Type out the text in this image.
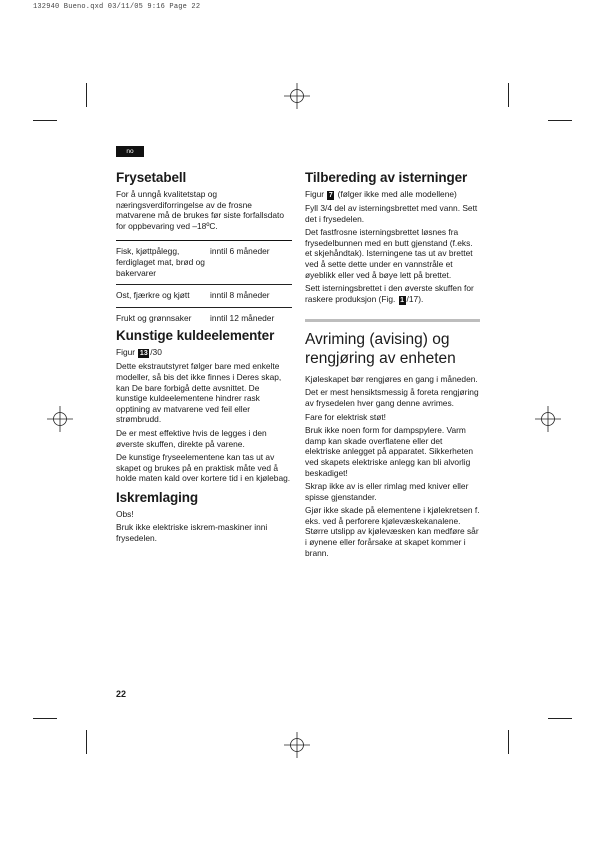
132940 Bueno.qxd 03/11/05 9:16 Page 22
no
Frysetabell

For å unngå kvalitetstap og næringsverdiforringelse av de frosne matvarene må de brukes før siste forfallsdato for oppbevaring ved –18ºC.

Fisk, kjøttpålegg, ferdiglaget mat, brød og bakervarer	inntil 6 måneder
Ost, fjærkre og kjøtt	inntil 8 måneder
Frukt og grønnsaker	inntil 12 måneder
Kunstige kuldeelementer

Figur 13 /30

Dette ekstrautstyret følger bare med enkelte modeller, så bis det ikke finnes i Deres skap, kan De bare forbigå dette avsnittet. De kunstige kuldeelementene hindrer rask opptining av matvarene ved feil eller strømbrudd.

De er mest effektive hvis de legges i den øverste skuffen, direkte på varene.

De kunstige fryseelementene kan tas ut av skapet og brukes på en praktisk måte ved å holde maten kald over kortere tid i en kjølebag.

Iskremlaging

Obs!

Bruk ikke elektriske iskrem-maskiner inni frysedelen.

Tilbereding av isterninger

Figur 7 (følger ikke med alle modellene)

Fyll 3/4 del av isterningsbrettet med vann. Sett det i frysedelen.

Det fastfrosne isterningsbrettet løsnes fra frysedelbunnen med en butt gjenstand (f.eks. et skjehåndtak). Isterningene tas ut av brettet ved å sette dette under en vannstråle et øyeblikk eller ved å bøye lett på brettet.

Sett isterningsbrettet i den øverste skuffen for raskere produksjon (Fig. 1 /17).

Avriming (avising) og rengjøring av enheten

Kjøleskapet bør rengjøres en gang i måneden.

Det er mest hensiktsmessig å foreta rengjøring av frysedelen hver gang denne avrimes.

Fare for elektrisk støt!

Bruk ikke noen form for dampspylere. Varm damp kan skade overflatene eller det elektriske anlegget på apparatet. Sikkerheten ved skapets elektriske anlegg kan bli alvorlig beskadiget!

Skrap ikke av is eller rimlag med kniver eller spisse gjenstander.

Gjør ikke skade på elementene i kjølekretsen f. eks. ved å perforere kjølevæskekanalene.

Større utslipp av kjølevæsken kan medføre sår i øynene eller forårsake at skapet kommer i brann.

22
